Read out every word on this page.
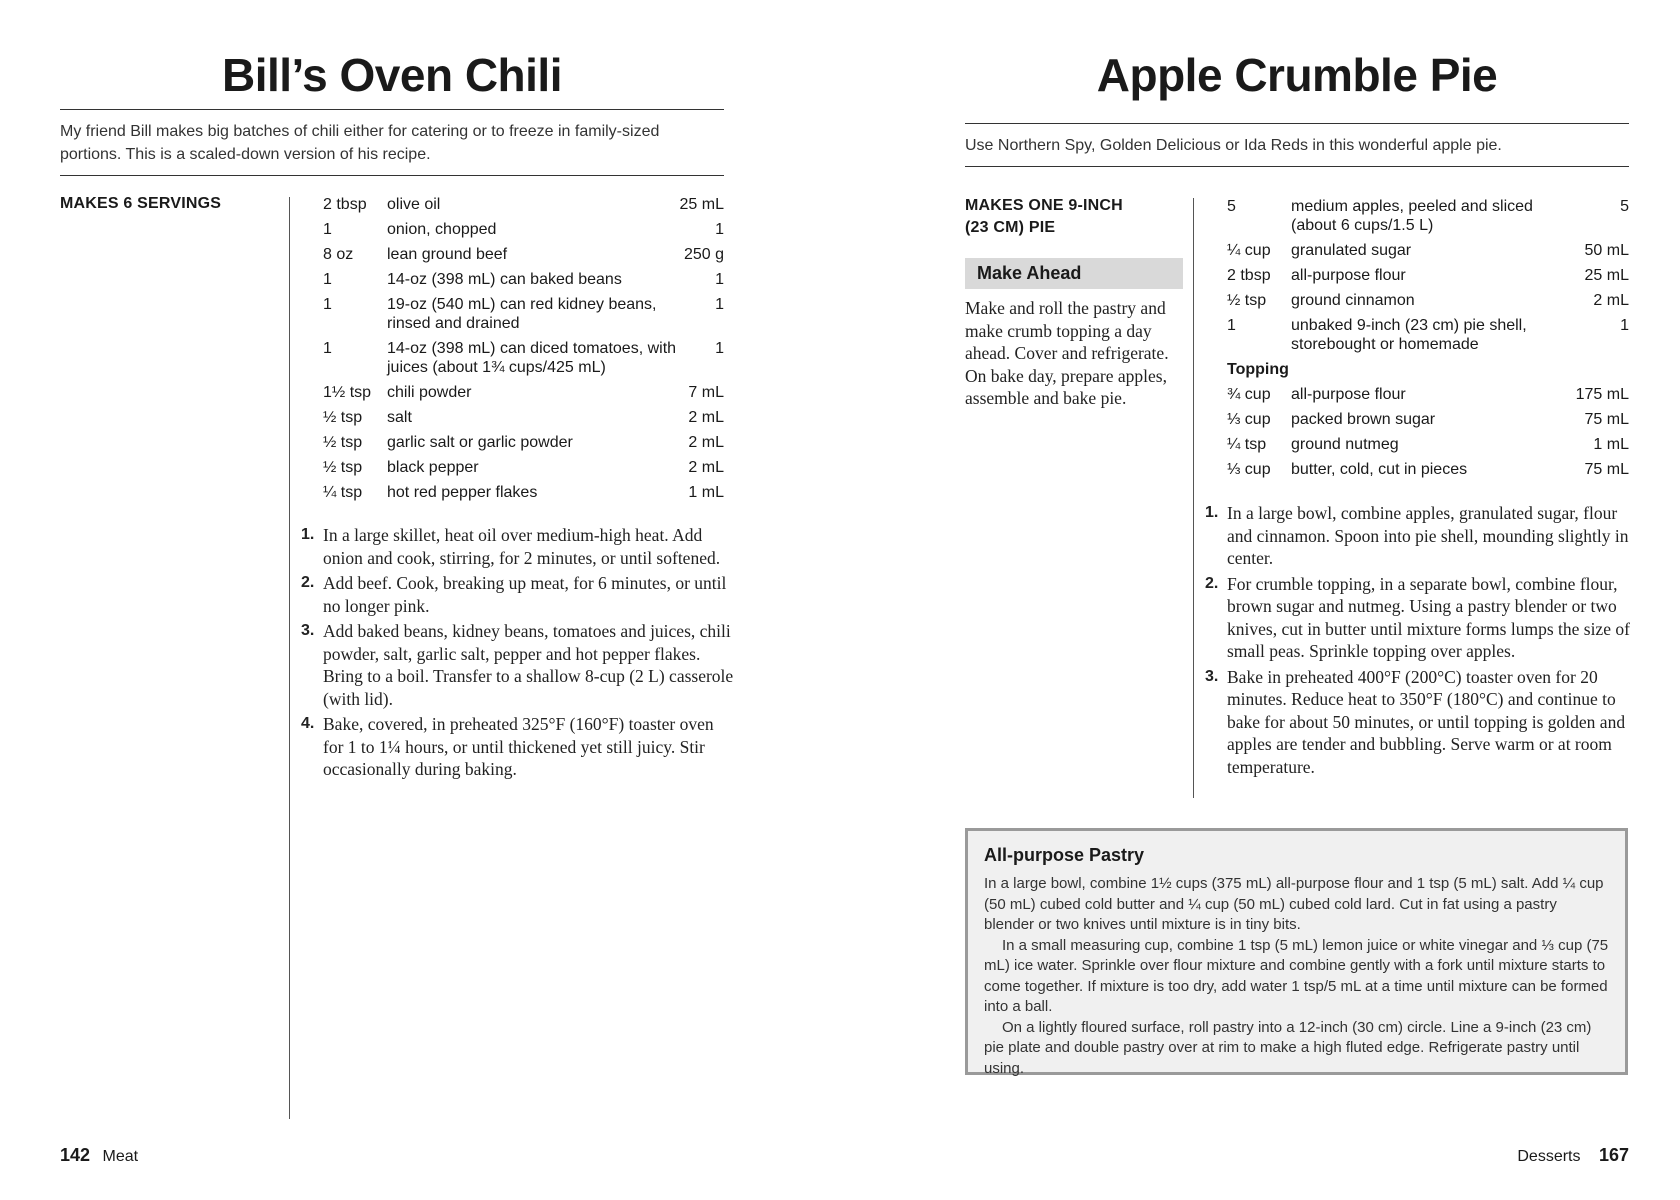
Bill’s Oven Chili
My friend Bill makes big batches of chili either for catering or to freeze in family-sized portions. This is a scaled-down version of his recipe.
MAKES 6 SERVINGS	2 tbsp	olive oil	25 mL
1	onion, chopped	1
8 oz	lean ground beef	250 g
1	14-oz (398 mL) can baked beans	1
1	19-oz (540 mL) can red kidney beans, rinsed and drained	1
1	14-oz (398 mL) can diced tomatoes, with juices (about 1¾ cups/425 mL)	1
1½ tsp	chili powder	7 mL
½ tsp	salt	2 mL
½ tsp	garlic salt or garlic powder	2 mL
½ tsp	black pepper	2 mL
¼ tsp	hot red pepper flakes	1 mL
1. In a large skillet, heat oil over medium-high heat. Add onion and cook, stirring, for 2 minutes, or until softened.
2. Add beef. Cook, breaking up meat, for 6 minutes, or until no longer pink.
3. Add baked beans, kidney beans, tomatoes and juices, chili powder, salt, garlic salt, pepper and hot pepper flakes. Bring to a boil. Transfer to a shallow 8-cup (2 L) casserole (with lid).
4. Bake, covered, in preheated 325°F (160°F) toaster oven for 1 to 1¼ hours, or until thickened yet still juicy. Stir occasionally during baking.
142 Meat
Apple Crumble Pie
Use Northern Spy, Golden Delicious or Ida Reds in this wonderful apple pie.
MAKES ONE 9-INCH
(23 CM) PIE
Make Ahead
Make and roll the pastry and make crumb topping a day ahead. Cover and refrigerate. On bake day, prepare apples, assemble and bake pie.
5	medium apples, peeled and sliced (about 6 cups/1.5 L)	5
¼ cup	granulated sugar	50 mL
2 tbsp	all-purpose flour	25 mL
½ tsp	ground cinnamon	2 mL
1	unbaked 9-inch (23 cm) pie shell, storebought or homemade	1
Topping		
¾ cup	all-purpose flour	175 mL
⅓ cup	packed brown sugar	75 mL
¼ tsp	ground nutmeg	1 mL
⅓ cup	butter, cold, cut in pieces	75 mL
1. In a large bowl, combine apples, granulated sugar, flour and cinnamon. Spoon into pie shell, mounding slightly in center.
2. For crumble topping, in a separate bowl, combine flour, brown sugar and nutmeg. Using a pastry blender or two knives, cut in butter until mixture forms lumps the size of small peas. Sprinkle topping over apples.
3. Bake in preheated 400°F (200°C) toaster oven for 20 minutes. Reduce heat to 350°F (180°C) and continue to bake for about 50 minutes, or until topping is golden and apples are tender and bubbling. Serve warm or at room temperature.
All-purpose Pastry

In a large bowl, combine 1½ cups (375 mL) all-purpose flour and 1 tsp (5 mL) salt. Add ¼ cup (50 mL) cubed cold butter and ¼ cup (50 mL) cubed cold lard. Cut in fat using a pastry blender or two knives until mixture is in tiny bits.

In a small measuring cup, combine 1 tsp (5 mL) lemon juice or white vinegar and ⅓ cup (75 mL) ice water. Sprinkle over flour mixture and combine gently with a fork until mixture starts to come together. If mixture is too dry, add water 1 tsp/5 mL at a time until mixture can be formed into a ball.

On a lightly floured surface, roll pastry into a 12-inch (30 cm) circle. Line a 9-inch (23 cm) pie plate and double pastry over at rim to make a high fluted edge. Refrigerate pastry until using.

Desserts 167
